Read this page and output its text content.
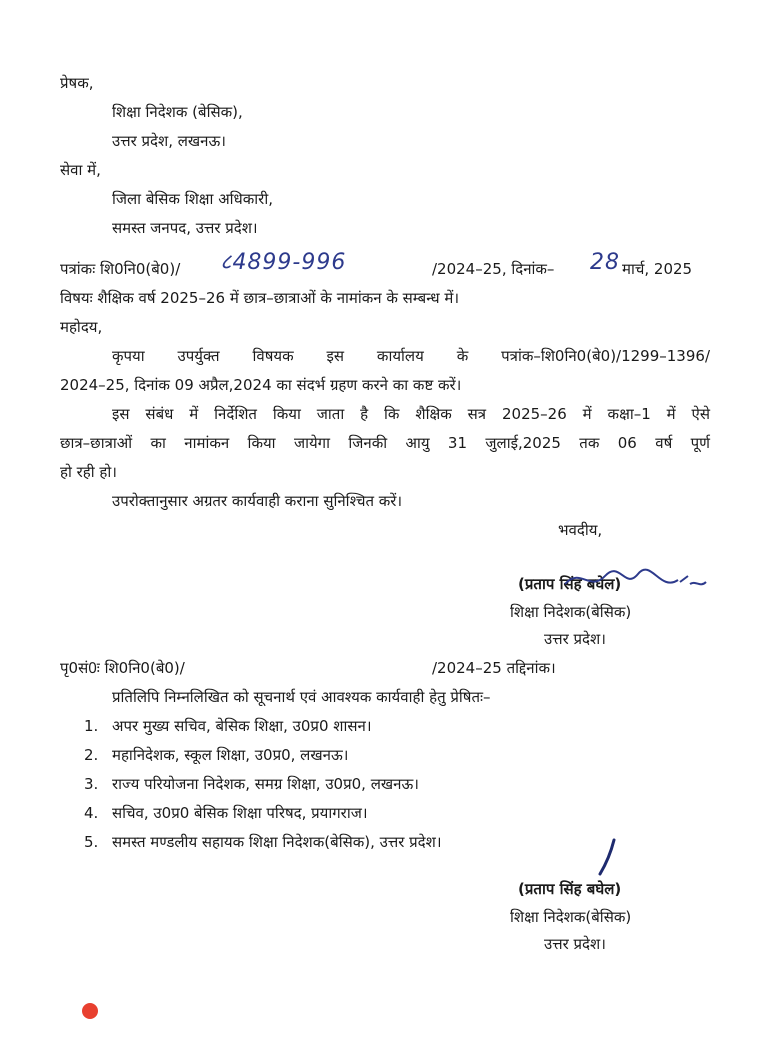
प्रेषक,
शिक्षा निदेशक (बेसिक),
उत्तर प्रदेश, लखनऊ।
सेवा में,
जिला बेसिक शिक्षा अधिकारी,
समस्त जनपद, उत्तर प्रदेश।
पत्रांकः शि0नि0(बे0)/ ८4899-996	/2024–25, दिनांक– 28 मार्च, 2025
विषयः शैक्षिक वर्ष 2025–26 में छात्र–छात्राओं के नामांकन के सम्बन्ध में।
महोदय,
कृपया उपर्युक्त विषयक इस कार्यालय के पत्रांक–शि0नि0(बे0)/1299–1396/
2024–25, दिनांक 09 अप्रैल,2024 का संदर्भ ग्रहण करने का कष्ट करें।
इस संबंध में निर्देशित किया जाता है कि शैक्षिक सत्र 2025–26 में कक्षा–1 में ऐसे
छात्र–छात्राओं का नामांकन किया जायेगा जिनकी आयु 31 जुलाई,2025 तक 06 वर्ष पूर्ण
हो रही हो।
उपरोक्तानुसार अग्रतर कार्यवाही कराना सुनिश्चित करें।
भवदीय,
(प्रताप सिंह बघेल)
शिक्षा निदेशक(बेसिक)
उत्तर प्रदेश।
पृ0सं0ः शि0नि0(बे0)/	/2024–25 तद्दिनांक।
प्रतिलिपि निम्नलिखित को सूचनार्थ एवं आवश्यक कार्यवाही हेतु प्रेषितः–
1. अपर मुख्य सचिव, बेसिक शिक्षा, उ0प्र0 शासन।
2. महानिदेशक, स्कूल शिक्षा, उ0प्र0, लखनऊ।
3. राज्य परियोजना निदेशक, समग्र शिक्षा, उ0प्र0, लखनऊ।
4. सचिव, उ0प्र0 बेसिक शिक्षा परिषद, प्रयागराज।
5. समस्त मण्डलीय सहायक शिक्षा निदेशक(बेसिक), उत्तर प्रदेश।
(प्रताप सिंह बघेल)
शिक्षा निदेशक(बेसिक)
उत्तर प्रदेश।
